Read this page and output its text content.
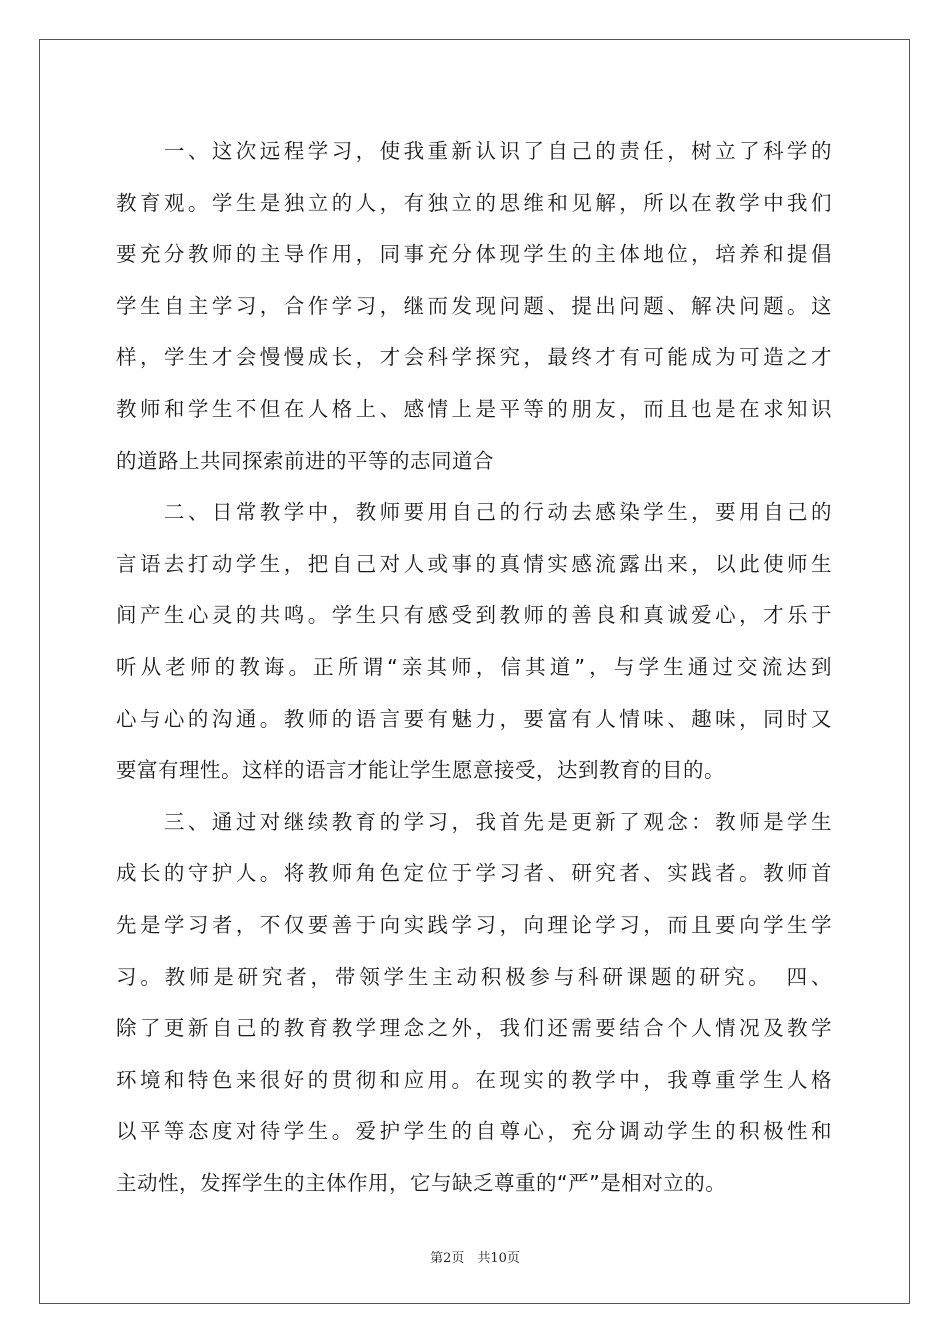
　　一、这次远程学习，使我重新认识了自己的责任，树立了科学的
教育观。学生是独立的人，有独立的思维和见解，所以在教学中我们
要充分教师的主导作用，同事充分体现学生的主体地位，培养和提倡
学生自主学习，合作学习，继而发现问题、提出问题、解决问题。这
样，学生才会慢慢成长，才会科学探究，最终才有可能成为可造之才
教师和学生不但在人格上、感情上是平等的朋友，而且也是在求知识
的道路上共同探索前进的平等的志同道合
　　二、日常教学中，教师要用自己的行动去感染学生，要用自己的
言语去打动学生，把自己对人或事的真情实感流露出来，以此使师生
间产生心灵的共鸣。学生只有感受到教师的善良和真诚爱心，才乐于
听从老师的教诲。正所谓“亲其师，信其道”，与学生通过交流达到
心与心的沟通。教师的语言要有魅力，要富有人情味、趣味，同时又
要富有理性。这样的语言才能让学生愿意接受，达到教育的目的。
　　三、通过对继续教育的学习，我首先是更新了观念：教师是学生
成长的守护人。将教师角色定位于学习者、研究者、实践者。教师首
先是学习者，不仅要善于向实践学习，向理论学习，而且要向学生学
习。教师是研究者，带领学生主动积极参与科研课题的研究。　四、
除了更新自己的教育教学理念之外，我们还需要结合个人情况及教学
环境和特色来很好的贯彻和应用。在现实的教学中，我尊重学生人格
以平等态度对待学生。爱护学生的自尊心，充分调动学生的积极性和
主动性，发挥学生的主体作用，它与缺乏尊重的“严”是相对立的。
第2页　共10页
